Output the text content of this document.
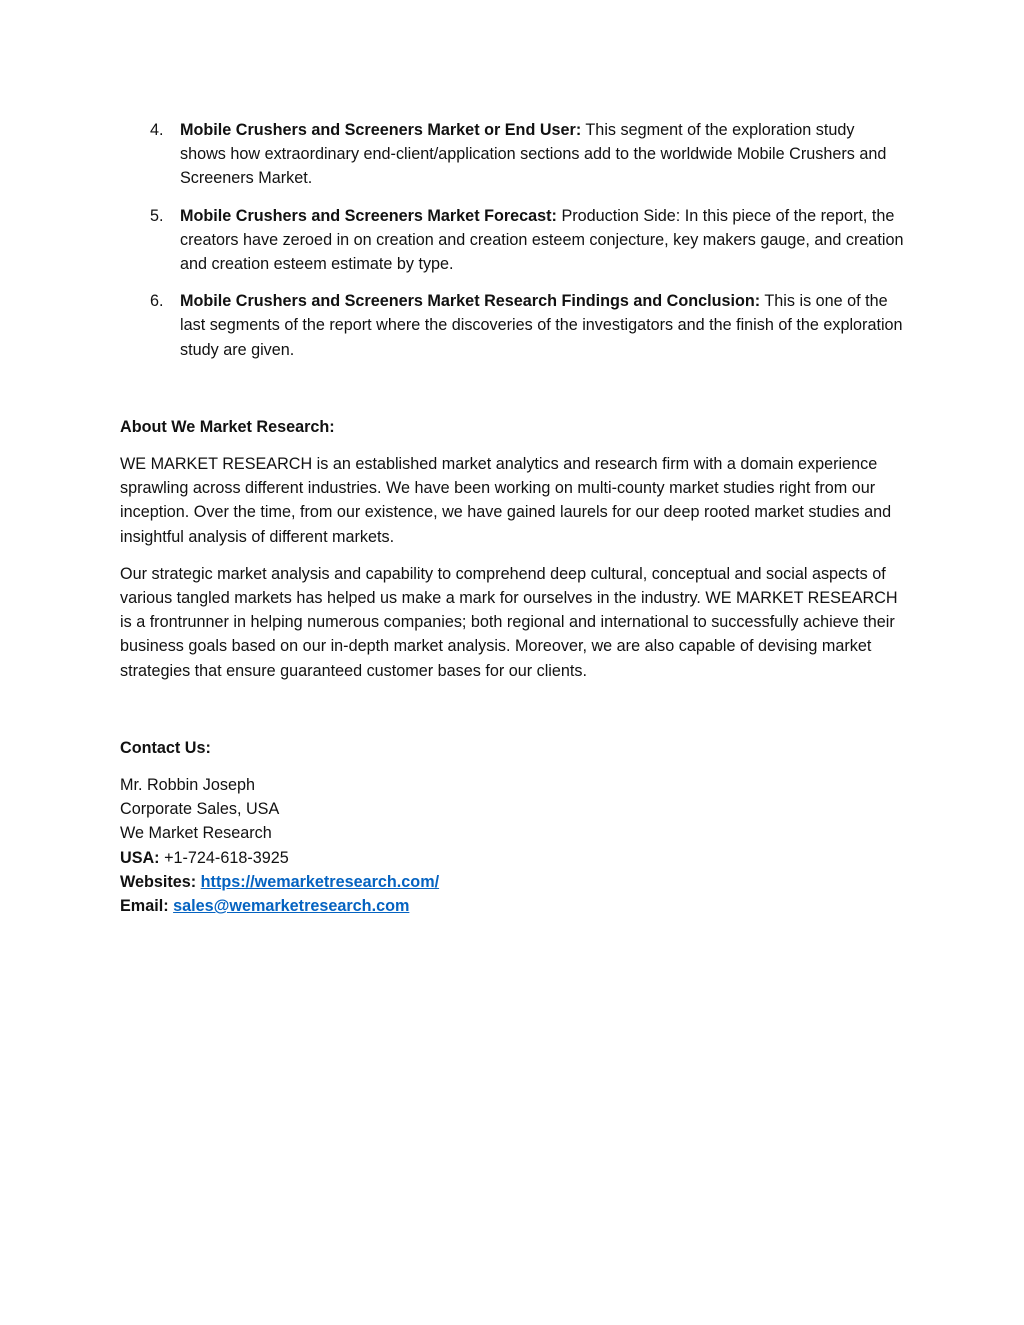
4. Mobile Crushers and Screeners Market or End User: This segment of the exploration study shows how extraordinary end-client/application sections add to the worldwide Mobile Crushers and Screeners Market.
5. Mobile Crushers and Screeners Market Forecast: Production Side: In this piece of the report, the creators have zeroed in on creation and creation esteem conjecture, key makers gauge, and creation and creation esteem estimate by type.
6. Mobile Crushers and Screeners Market Research Findings and Conclusion: This is one of the last segments of the report where the discoveries of the investigators and the finish of the exploration study are given.
About We Market Research:

WE MARKET RESEARCH is an established market analytics and research firm with a domain experience sprawling across different industries. We have been working on multi-county market studies right from our inception. Over the time, from our existence, we have gained laurels for our deep rooted market studies and insightful analysis of different markets.

Our strategic market analysis and capability to comprehend deep cultural, conceptual and social aspects of various tangled markets has helped us make a mark for ourselves in the industry. WE MARKET RESEARCH is a frontrunner in helping numerous companies; both regional and international to successfully achieve their business goals based on our in-depth market analysis. Moreover, we are also capable of devising market strategies that ensure guaranteed customer bases for our clients.

Contact Us:
Mr. Robbin Joseph
Corporate Sales, USA
We Market Research
USA: +1-724-618-3925
Websites: https://wemarketresearch.com/
Email: sales@wemarketresearch.com
